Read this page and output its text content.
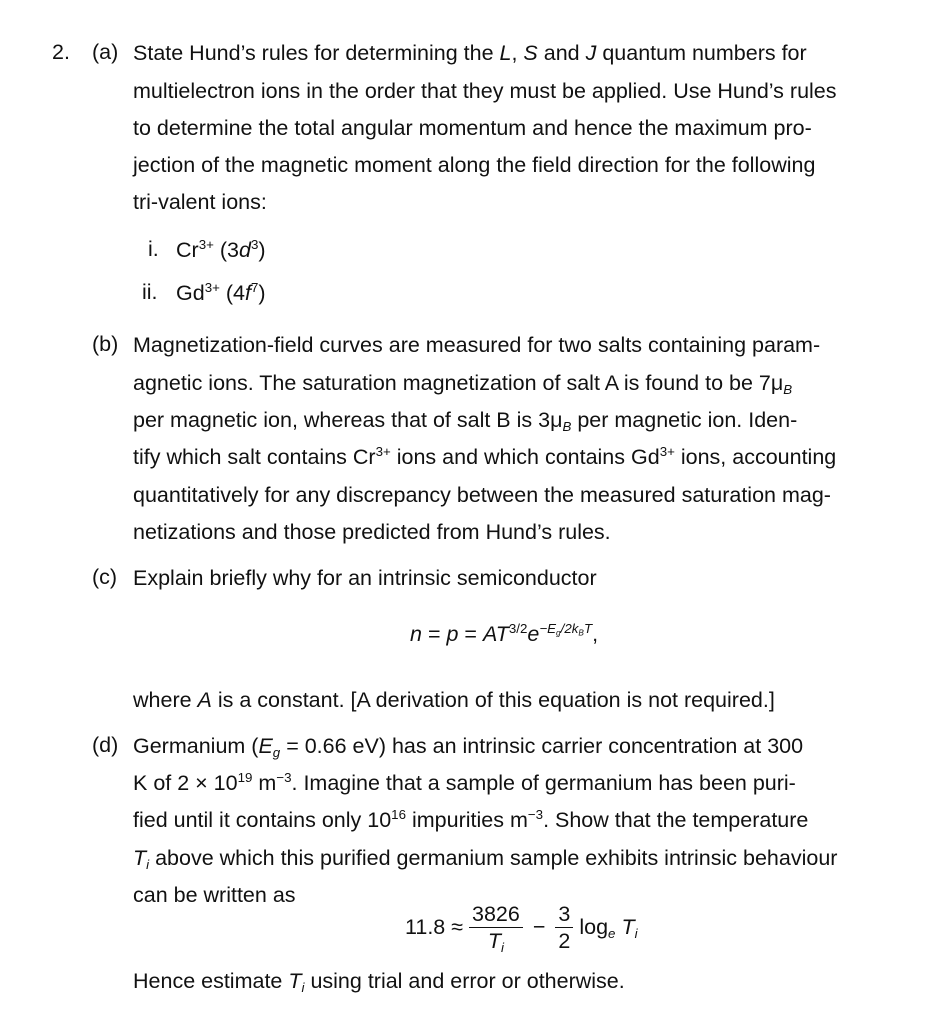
2. (a) State Hund’s rules for determining the L, S and J quantum numbers for
multielectron ions in the order that they must be applied. Use Hund’s rules
to determine the total angular momentum and hence the maximum pro-
jection of the magnetic moment along the field direction for the following
tri-valent ions:
i. $Cr^{3+}$ $(3d^3)$
ii. $Gd^{3+}$ $(4f^7)$
(b) Magnetization-field curves are measured for two salts containing param-
agnetic ions. The saturation magnetization of salt A is found to be $7\mu_B$
per magnetic ion, whereas that of salt B is $3\mu_B$ per magnetic ion. Iden-
tify which salt contains $Cr^{3+}$ ions and which contains $Gd^{3+}$ ions, accounting
quantitatively for any discrepancy between the measured saturation mag-
netizations and those predicted from Hund’s rules.
(c) Explain briefly why for an intrinsic semiconductor
$n = p = AT^{3/2}e^{-E_g/2k_BT}$,
where A is a constant. [A derivation of this equation is not required.]
(d) Germanium ($E_g = 0.66$ eV) has an intrinsic carrier concentration at 300
K of $2 \times 10^{19}$ $m^{-3}$. Imagine that a sample of germanium has been puri-
fied until it contains only $10^{16}$ impurities $m^{-3}$. Show that the temperature
$T_i$ above which this purified germanium sample exhibits intrinsic behaviour
can be written as
$11.8 \approx \frac{3826}{T_i} - \frac{3}{2} \log_e T_i$
Hence estimate $T_i$ using trial and error or otherwise.
